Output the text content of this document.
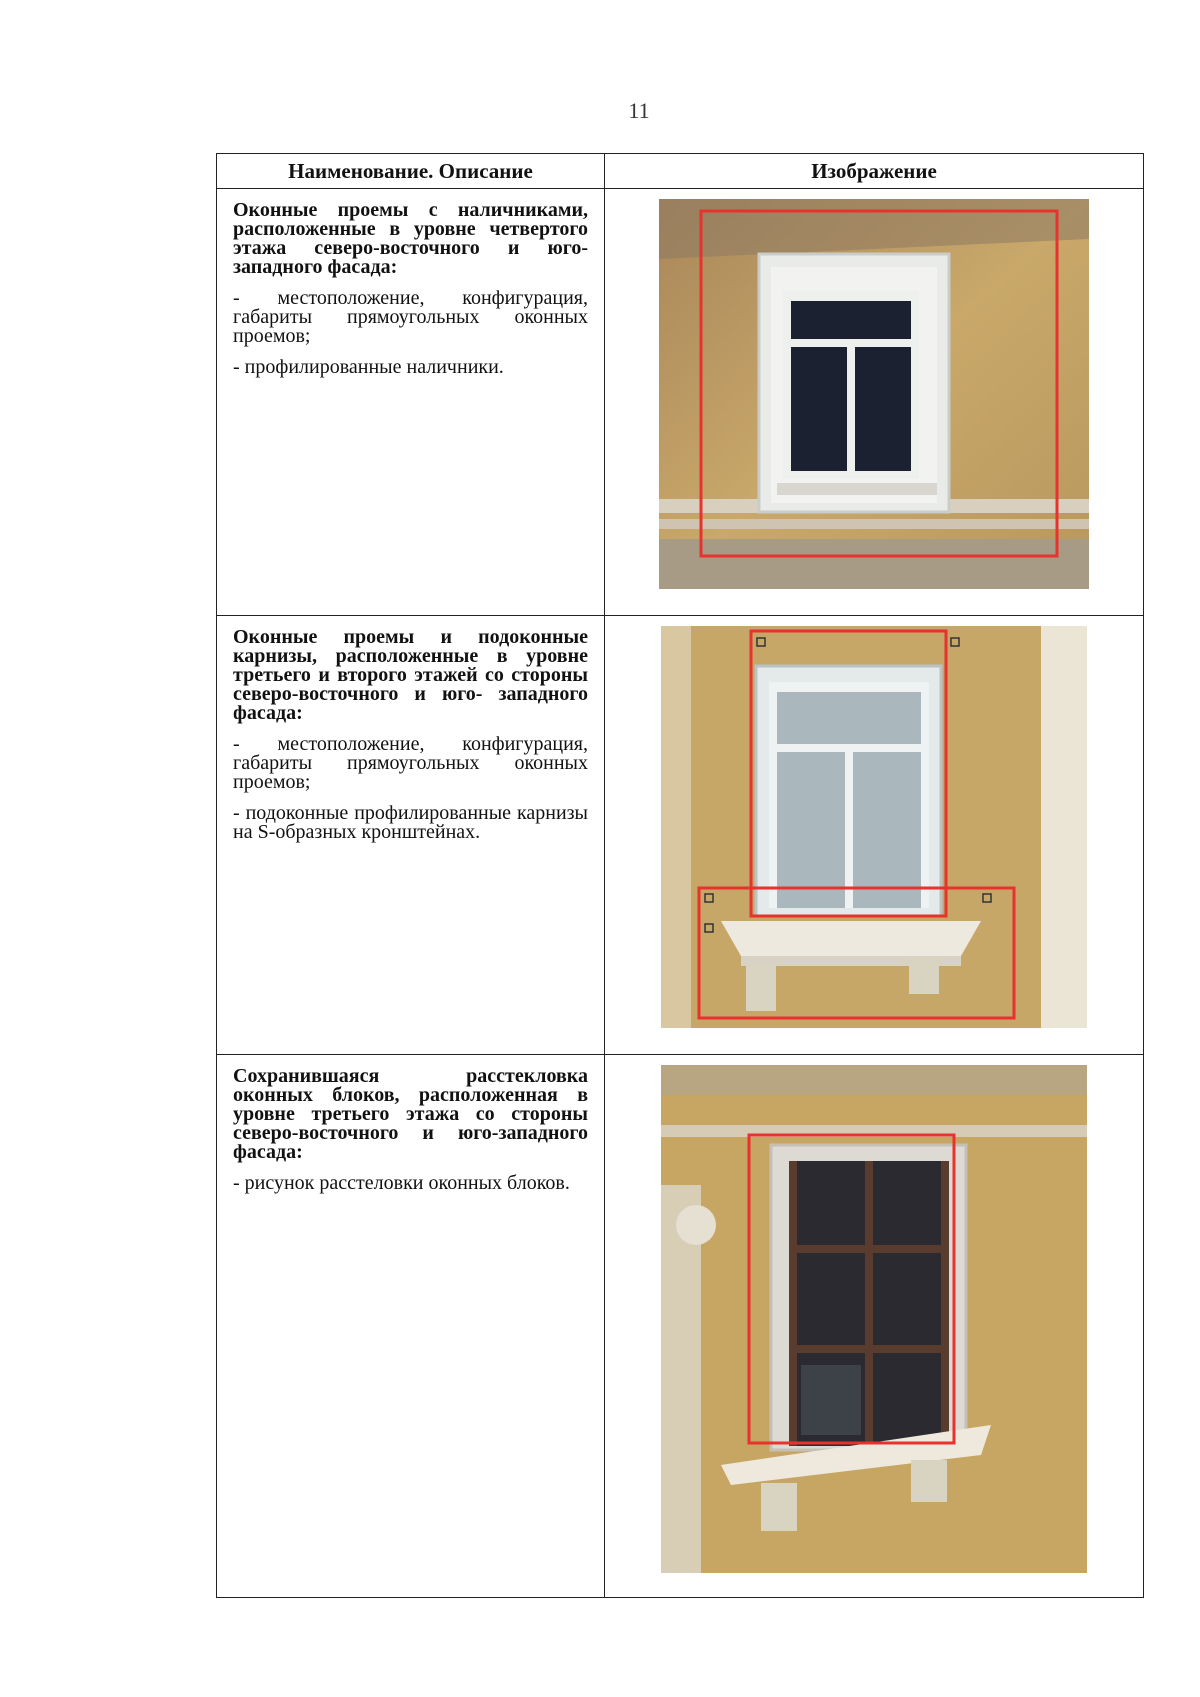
11
Наименование. Описание	Изображение

Оконные проемы с наличниками, расположенные в уровне четвертого этажа северо-восточного и юго-западного фасада:

- местоположение, конфигурация, габариты прямоугольных оконных проемов;

- профилированные наличники.

Оконные проемы и подоконные карнизы, расположенные в уровне третьего и второго этажей со стороны северо-восточного и юго- западного фасада:

- местоположение, конфигурация, габариты прямоугольных оконных проемов;

- подоконные профилированные карнизы на S-образных кронштейнах.

Сохранившаяся расстекловка оконных блоков, расположенная в уровне третьего этажа со стороны северо-восточного и юго-западного фасада:

- рисунок расстеловки оконных блоков.
